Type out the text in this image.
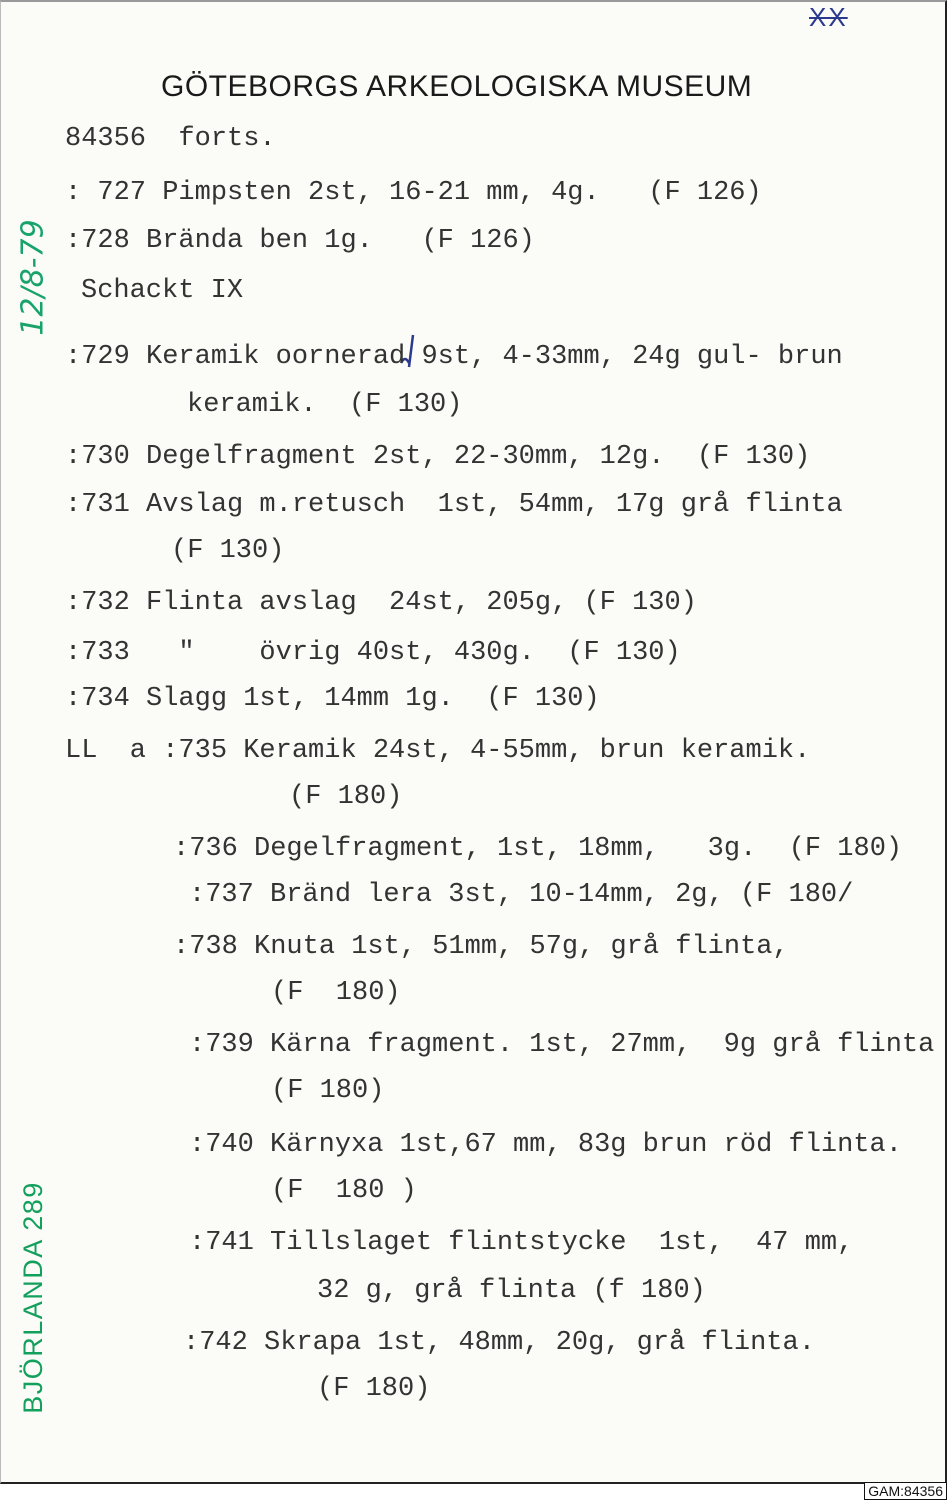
XX
GÖTEBORGS ARKEOLOGISKA MUSEUM
12/8-79
84356  forts.
: 727 Pimpsten 2st, 16-21 mm, 4g.   (F 126)
:728 Brända ben 1g.   (F 126)
Schackt IX
:729 Keramik oornerad 9st, 4-33mm, 24g gul- brun
keramik.  (F 130)
:730 Degelfragment 2st, 22-30mm, 12g.  (F 130)
:731 Avslag m.retusch  1st, 54mm, 17g grå flinta
(F 130)
:732 Flinta avslag  24st, 205g, (F 130)
:733   "    övrig 40st, 430g.  (F 130)
:734 Slagg 1st, 14mm 1g.  (F 130)
LL  a :735 Keramik 24st, 4-55mm, brun keramik.
(F 180)
:736 Degelfragment, 1st, 18mm,   3g.  (F 180)
:737 Bränd lera 3st, 10-14mm, 2g, (F 180/
:738 Knuta 1st, 51mm, 57g, grå flinta,
(F  180)
:739 Kärna fragment. 1st, 27mm,  9g grå flinta
(F 180)
:740 Kärnyxa 1st,67 mm, 83g brun röd flinta.
(F  180 )
:741 Tillslaget flintstycke  1st,  47 mm,
32 g, grå flinta (f 180)
:742 Skrapa 1st, 48mm, 20g, grå flinta.
(F 180)
BJÖRLANDA 289
GAM:84356
